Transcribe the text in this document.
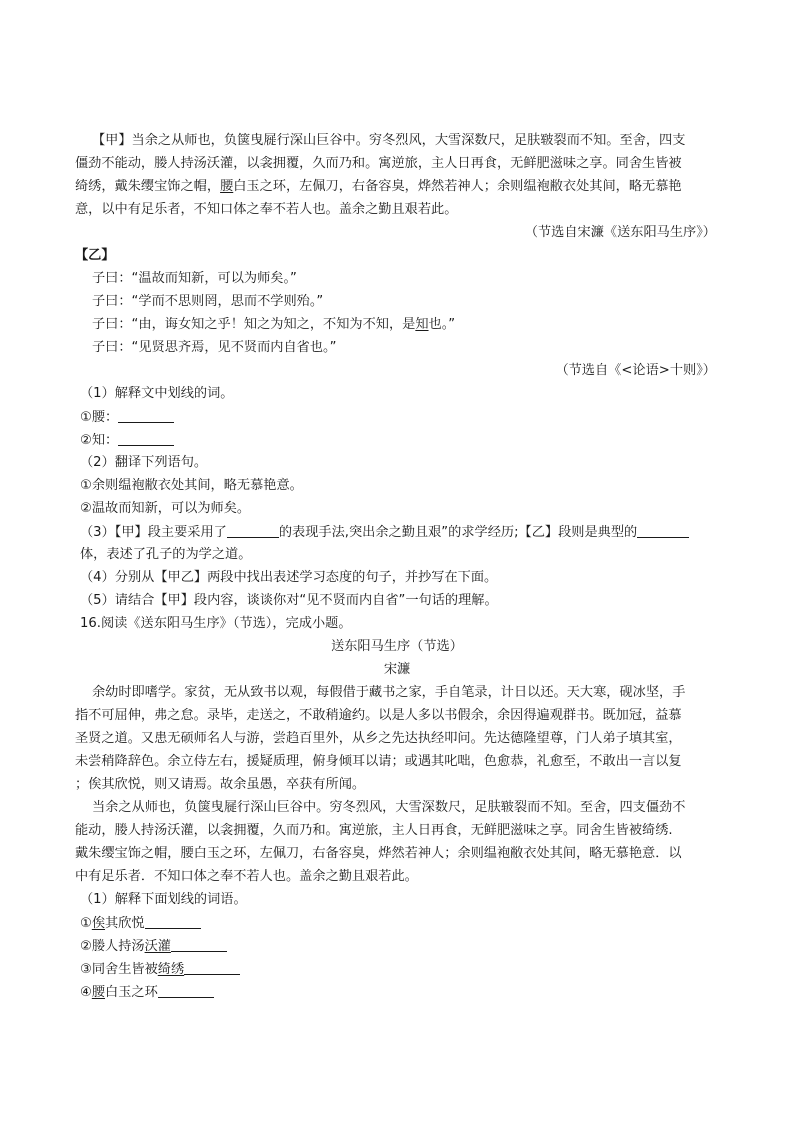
【甲】当余之从师也，负箧曳屣行深山巨谷中。穷冬烈风，大雪深数尺，足肤皲裂而不知。至舍，四支
僵劲不能动，媵人持汤沃灌，以衾拥覆，久而乃和。寓逆旅，主人日再食，无鲜肥滋味之享。同舍生皆被
绮绣，戴朱缨宝饰之帽，腰白玉之环，左佩刀，右备容臭，烨然若神人；余则缊袍敝衣处其间，略无慕艳
意，以中有足乐者，不知口体之奉不若人也。盖余之勤且艰若此。
（节选自宋濂《送东阳马生序》）
【乙】
子曰：“温故而知新，可以为师矣。”
子曰：“学而不思则罔，思而不学则殆。”
子曰：“由，诲女知之乎！知之为知之，不知为不知，是知也。”
子曰：“见贤思齐焉，见不贤而内自省也。”
（节选自《<论语>十则》）
（1）解释文中划线的词。
①腰：
②知：
（2）翻译下列语句。
①余则缊袍敝衣处其间，略无慕艳意。
②温故而知新，可以为师矣。
（3）【甲】段主要采用了	的表现手法,突出余之勤且艰”的求学经历;【乙】段则是典型的
体，表述了孔子的为学之道。
（4）分别从【甲乙】两段中找出表述学习态度的句子，并抄写在下面。
（5）请结合【甲】段内容，谈谈你对“见不贤而内自省”一句话的理解。
16.阅读《送东阳马生序》（节选），完成小题。
送东阳马生序（节选）
宋濂
余幼时即嗜学。家贫，无从致书以观，每假借于藏书之家，手自笔录，计日以还。天大寒，砚冰坚，手
指不可屈伸，弗之怠。录毕，走送之，不敢稍逾约。以是人多以书假余，余因得遍观群书。既加冠，益慕
圣贤之道。又患无硕师名人与游，尝趋百里外，从乡之先达执经叩问。先达德隆望尊，门人弟子填其室，
未尝稍降辞色。余立侍左右，援疑质理，俯身倾耳以请；或遇其叱咄，色愈恭，礼愈至，不敢出一言以复
；俟其欣悦，则又请焉。故余虽愚，卒获有所闻。
当余之从师也，负箧曳屣行深山巨谷中。穷冬烈风，大雪深数尺，足肤皲裂而不知。至舍，四支僵劲不
能动，媵人持汤沃灌，以衾拥覆，久而乃和。寓逆旅，主人日再食，无鲜肥滋味之享。同舍生皆被绮绣.
戴朱缨宝饰之帽，腰白玉之环，左佩刀，右备容臭，烨然若神人；余则缊袍敝衣处其间，略无慕艳意．以
中有足乐者．不知口体之奉不若人也。盖余之勤且艰若此。
（1）解释下面划线的词语。
①俟其欣悦
②媵人持汤沃灌
③同舍生皆被绮绣
④腰白玉之环
